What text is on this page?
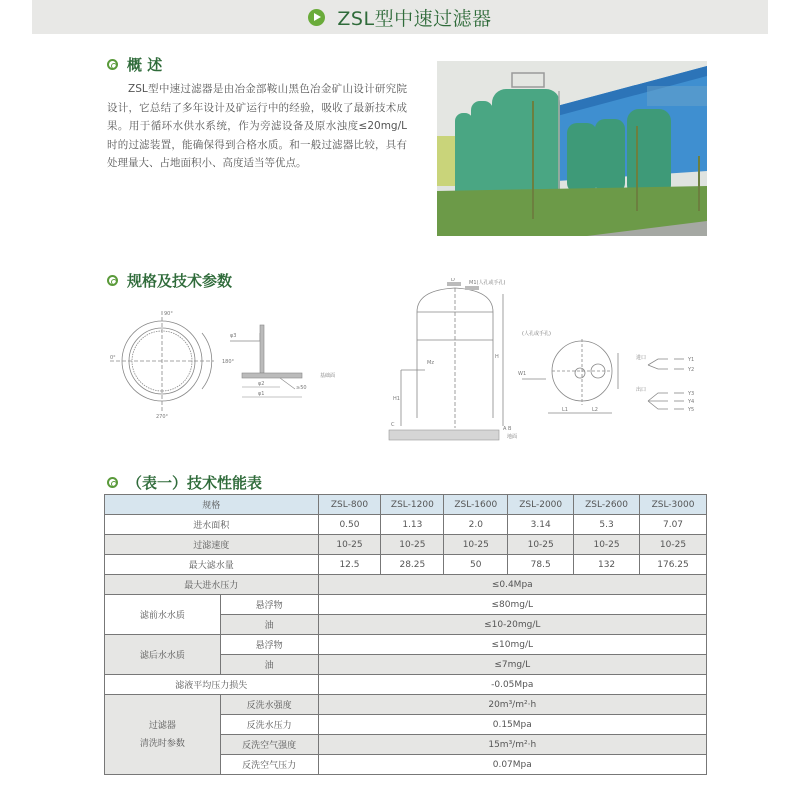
ZSL型中速过滤器
概 述
ZSL型中速过滤器是由冶金部鞍山黑色冶金矿山设计研究院设计，它总结了多年设计及矿运行中的经验，吸收了最新技术成果。用于循环水供水系统，作为旁滤设备及原水浊度≤20mg/L时的过滤装置，能确保得到合格水质。和一般过滤器比较，具有处理量大、占地面积小、高度适当等优点。
规格及技术参数
90°
0°
180°
270°
φ3
φ2
φ1
≥50
基础面
D	M1(人孔或手孔)
Mz
H
H1
C
A B
地面
(人孔或手孔)
W1
L1	L2
进口
出口
Y1
Y2
Y3
Y4
Y5
（表一）技术性能表
规格		ZSL-800	ZSL-1200	ZSL-1600	ZSL-2000	ZSL-2600	ZSL-3000
进水面积		0.50	1.13	2.0	3.14	5.3	7.07
过滤速度		10-25	10-25	10-25	10-25	10-25	10-25
最大滤水量		12.5	28.25	50	78.5	132	176.25
最大进水压力		≤0.4Mpa					
滤前水水质	悬浮物	≤80mg/L					
	油	≤10-20mg/L					
滤后水水质	悬浮物	≤10mg/L					
	油	≤7mg/L					
滤液平均压力损失		-0.05Mpa					

过滤器
清洗时参数	反洗水强度	20m³/m²·h					
	反洗水压力	0.15Mpa					
	反洗空气强度	15m³/m²·h					
	反洗空气压力	0.07Mpa					
